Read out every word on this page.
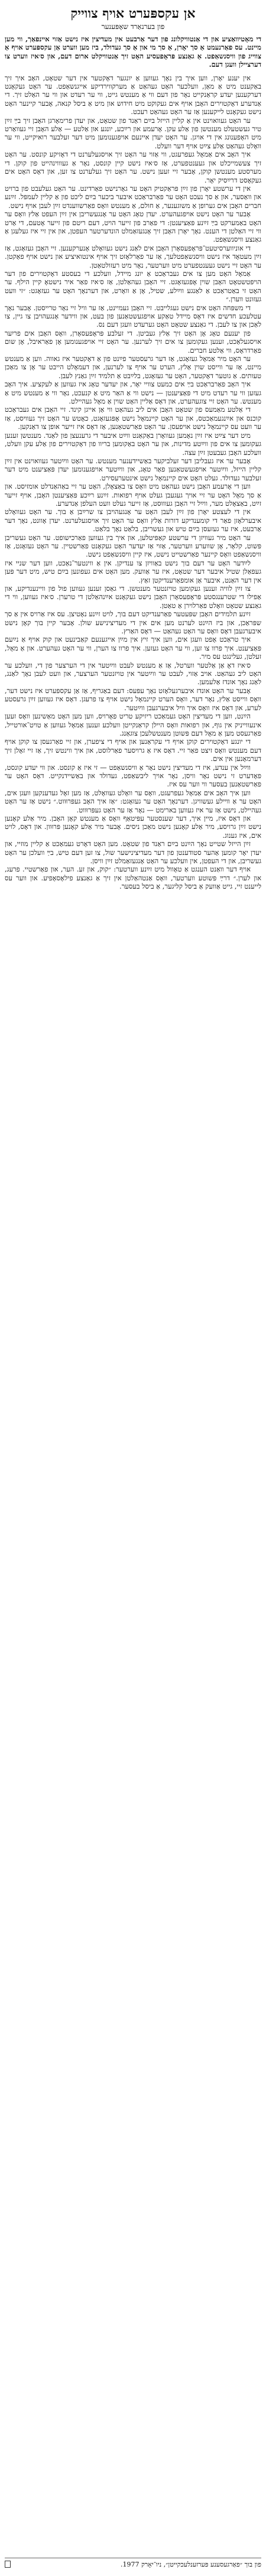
אן עקספּערט אויף צווייק
פון בערנאַרד שאָפּענער
די מאָטיוואַציע און די אַנטוויקלונג פון דער אַרבעט אין מעדיצין איז נישט אַזוי איינפאַך, ווי מען מיינט. עס פאַרנעמט אַ סך יאָרן, אַ סך מי און אַ סך געדולד, ביז מען ווערט אַן עקספּערט אויף אַ צווייג פון וויסנשאַפט. אַ גאַנצע פּראָפעסיע האָט זיך אַנטוויקלט ארום דעם, און ס׳איז ווערט צו דערציילן וועגן דעם.

אין יענע יאָרן, ווען איך בין נאָך געווען אַ יונגער דאָקטער אין דער שטאָט, האָב איך זיך באַקענט מיט אַ מאַן, וועלכער האָט געהאַט אַ מערקווירדיקע אייגנשאַפט. ער האָט געקאָנט דערקענען יעדע קראַנקייט נאָר פון דעם ווי אַ מענטש גייט, ווי ער רעדט און ווי ער האַלט זיך. די אַנדערע דאָקטוירים האָבן אויף אים געקוקט מיט חידוש און מיט אַ ביסל קנאה, אָבער קיינער האָט נישט געקאָנט לייקענען אַז ער האָט געהאַט רעכט.

ער האָט געוואוינט אין אַ קליין הייזל בײַם ראַנד פון שטאָט, און יעדן פרימאָרגן האָבן זיך בײַ זײַן טיר געשטעלט מענטשן פון אַלע עקן. אָרעמע און רײַכע, יונגע און אַלטע — אַלע האָבן זיי געוואַרט מיט האָפענונג אין די אויגן. ער האָט יעדן איינעם אויפגענומען מיט דער זעלבער רואיקייט, ווי ער וואָלט געהאַט אַלע צײַט אויף דער וועלט.

איך האָב אים אַמאָל געפרעגט, ווי אַזוי ער האָט זיך אויסגעלערנט די דאָזיקע קונסט. ער האָט זיך צעשמייכלט און געענטפערט, אַז ס׳איז נישט קיין קונסט, נאָר אַ געוווינהייט פון קוקן. די מערסטע מענטשן קוקן, אָבער זיי זעען נישט. ער האָט זיך געלערנט צו זען, און דאָס האָט אים געקאָסט דרײַסיק יאָר.

אין די ערשטע יאָרן פון זײַן פּראַקטיק האָט ער גאָרנישט פאַרדינט. ער האָט געלעבט פון ברויט און וואַסער, און אַ סך נעכט האָט ער פאַרבראַכט איבער ביכער בײַם ליכט פון אַ קליין לעמפּל. זײַנע חברים האָבן אים גערופן אַ משוגענער, אַ חולם, אַ מענטש וואָס פאַרשווענדט זײַן לעבן אויף נישט.

אָבער ער האָט נישט אויפגעהערט. יעדן טאָג האָט ער אָנגעשריבן אין זײַן העפט אַלץ וואָס ער האָט באַמערקט בײַ זײַנע פּאַציענטן: די פאַרב פון זייער הויט, דעם ריטם פון זייער אָטעם, די אַרט ווי זיי האַלטן די הענט. נאָך יאָרן האָבן זיך אָנגעזאַמלט הונדערטער העפטן, און אין זיי איז געלעגן אַ גאַנצע וויסנשאַפט.

די אוניווערסיטעט־פּראָפעסאָרן האָבן אים לאַנג נישט געוואָלט אָנערקענען. זיי האָבן געזאָגט, אַז זײַן מעטאָד איז נישט וויסנשאַפטלעך, אַז ער פאַרלאָזט זיך אויף אינטואיציע און נישט אויף פאַקטן. ער האָט זיי נישט געענטפערט מיט ווערטער, נאָר מיט רעזולטאַטן.

אַמאָל האָט מען צו אים געבראַכט אַ יונג מיידל, וועלכע די בעסטע דאָקטוירים פון דער הויפּטשטאָט האָבן שוין אָפּגעזאָגט. זיי האָבן געהאַלטן, אַז ס׳איז פאַר איר נישטאָ קיין הילף. ער האָט זי באַטראַכט אַ לאַנגע ווײַלע, שטיל, אָן אַ וואָרט, און דערנאָך האָט ער געזאָגט: ״זי וועט געזונט ווערן.״

די משפּחה האָט אים נישט געגלייבט. זיי האָבן געמיינט, אַז ער וויל זיי נאָר טרייסטן. אָבער נאָך עטלעכע חדשים איז דאָס מיידל טאַקע אויפגעשטאַנען פון בעט, און ווידער אָנגעהויבן צו גיין, צו לאַכן און צו לעבן. די גאַנצע שטאָט האָט גערעדט וועגן דעם נס.

פון יענעם טאָג אָן האָט זיך אַלץ געביטן. די זעלבע פּראָפעסאָרן, וואָס האָבן אים פריִער אויסגעלאַכט, זענען געקומען צו אים זיך לערנען. ער האָט זיי אויפגענומען אָן פאַראיבל, אָן שום פאַרדראָס, ווי אַלטע חברים.

ער האָט מיר אַמאָל געזאָגט, אַז דער גרעסטער פײַנט פון אַ דאָקטער איז גאווה. ווען אַ מענטש מיינט, אַז ער ווייסט שוין אַלץ, הערט ער אויף צו לערנען, און דעמאָלט הייבט ער אָן צו מאַכן טעותים. אַ גוטער דאָקטער, האָט ער געזאָגט, בלײַבט אַ תלמיד זײַן גאַנץ לעבן.

איך האָב פאַרבראַכט בײַ אים כמעט צוויי יאָר, און יעדער טאָג איז געווען אַ לעקציע. איך האָב געזען ווי ער רעדט מיט די פּאַציענטן — נישט ווי אַ האַר מיט אַ קנעכט, נאָר ווי אַ מענטש מיט אַ מענטש. ער האָט זיי צוגעהערט, און דאָס אַליין האָט שוין אַ מאָל געהיילט.

די אַלטע מאַמעס פון שטאָט האָבן אים ליב געהאַט ווי אַן אייגן קינד. זיי האָבן אים געבראַכט קוכנס און אײַנגעמאַכטס, און ער האָט קיינמאָל נישט אָפּגעזאָגט, כאָטש ער האָט זיך געוויסט, אַז ער וועט עס קיינמאָל נישט אויפעסן. ער האָט פאַרשטאַנען, אַז דאָס איז זייער אופן צו דאַנקען.

מיט דער צײַט איז זײַן נאָמען געוואָרן באַקאַנט ווײַט איבער די גרענעצן פון לאַנד. מענטשן זענען געקומען צו אים פון ווײַטע מדינות, און ער האָט באַקומען בריוו פון דאָקטוירים פון אַלע עקן וועלט, וועלכע האָבן געבעטן זײַן עצה.

אָבער ער איז געבליבן דער זעלביקער באַשיידענער מענטש. ער האָט ווײַטער געוואוינט אין זײַן קליין הייזל, ווײַטער אויפגעשטאַנען פאַר טאָג, און ווײַטער אויפגענומען יעדן פּאַציענט מיט דער זעלבער געדולד. געלט האָט אים קיינמאָל נישט אינטערעסירט.

ווען די אָרעמע האָבן נישט געהאַט מיט וואָס צו באַצאָלן, האָט ער זיי באַהאַנדלט אומזיסט. און אַ סך מאָל האָט ער זיי אויך געגעבן געלט אויף רפואות. זײַנע רײַכע פּאַציענטן האָבן, אויף זייער זײַט, באַצאָלט מער, ווײַל זיי האָבן געוווּסט, אַז זייער געלט וועט העלפן אַנדערע.

אין די לעצטע יאָרן פון זײַן לעבן האָט ער אָנגעהויבן צו שרײַבן אַ בוך. ער האָט געוואָלט איבערלאָזן פאַר די קומענדיקע דורות אַלץ וואָס ער האָט זיך אויסגעלערנט. יעדן אָוונט, נאָך דער אַרבעט, איז ער געזעסן בײַם טיש און געשריבן, בלאַט נאָך בלאַט.

ער האָט מיר געוויזן די ערשטע קאַפּיטלען, און איך בין געווען פאַרכישופט. ער האָט געשריבן פּשוט, קלאָר, אָן שווערע ווערטער, אַזוי אַז יעדער האָט געקאָנט פאַרשטיין. ער האָט געזאָגט, אַז וויסנשאַפט וואָס קיינער פאַרשטייט נישט, איז קיין וויסנשאַפט נישט.

לײַדער האָט ער דעם בוך נישט באַוויזן צו ענדיקן. אין אַ ווינטער־נאַכט, ווען דער שניי איז געפאַלן שטיל איבער דער שטאָט, איז ער אַוועק. מען האָט אים געפונען בײַם טיש, מיט דער פּען אין דער האַנט, איבער אַן אומפאַרענדיקטן זאַץ.

צו זײַן לוויה זענען געקומען טויזנטער מענטשן. די גאַסן זענען געווען פול פון וויינענדיקע, און אַפילו די שטרענגסטע פּראָפעסאָרן האָבן נישט געקאָנט אײַנהאַלטן די טרערן. ס׳איז געווען, ווי די גאַנצע שטאָט וואָלט פאַרלוירן אַ טאַטן.

זײַנע תלמידים האָבן שפּעטער פאַרענדיקט דעם בוך, לויט זײַנע נאָטיצן. עס איז אַרויס אין אַ סך שפּראַכן, און ביז הײַנט לערנט מען אים אין די מעדיצינישע שולן. אָבער קיין בוך קאָן נישט איבערגעבן דאָס וואָס ער האָט געהאַט — דאָס האַרץ.

איך טראַכט אָפט וועגן אים, ווען איך זיץ אין מײַן אייגענעם קאַבינעט און קוק אויף אַ נײַעם פּאַציענט. איך פרוו צו זען, ווי ער האָט געזען. איך פרוו צו הערן, ווי ער האָט געהערט. און אַ מאָל, זעלטן, געלינגט עס מיר.

ס׳איז דאָ אַן אַלטער ווערטל, אַז אַ מענטש לעבט ווײַטער אין די הערצער פון די, וועלכע ער האָט ליב געהאַט. אויב אַזוי, לעבט ער ווײַטער אין טויזנטער הערצער, און וועט לעבן נאָך לאַנג, לאַנג נאָך אונדז אַלעמען.

אָבער ער האָט אונדז איבערגעלאָזט נאָך עפּעס: דעם באַגריף, אַז אַן עקספּערט איז נישט דער, וואָס ווייסט אַלץ, נאָר דער, וואָס הערט קיינמאָל נישט אויף צו פרעגן. דאָס איז געווען זײַן גרעסטע לערע, און דאָס איז וואָס איך וויל איבערגעבן ווײַטער.

הײַנט, ווען די מעדיצין האָט געמאַכט ריזיקע טריט פאָרויס, ווען מען האָט מאַשינען וואָס זעען אינעווייניק אין גוף, און רפואות וואָס היילן קראַנקייטן וועלכע זענען אַמאָל געווען אַ טויט־אורטייל, פאַרגעסט מען אַ מאָל דעם פּשוטן מענטשלעכן צוגאַנג.

די יונגע דאָקטוירים קוקן אויף די עקראַנען און אויף די ציפערן, און זיי פאַרגעסן צו קוקן אויף דעם מענטש וואָס זיצט פאַר זיי. דאָס איז אַ גרויסער פאַרלוסט, און איך ווינטש זיך, אַז זיי זאָלן זיך דערמאָנען אין אים.

ווײַל אין ענדע, איז די מעדיצין נישט נאָר אַ וויסנשאַפט — זי איז אַ קונסט. און ווי יעדע קונסט, פאָדערט זי נישט נאָר וויסן, נאָר אויך ליבשאַפט, געדולד און באַשיידנקייט. דאָס האָט ער פאַרשטאַנען בעסער ווי ווער עס איז.

ווען איך האָב אים אַמאָל געפרעגט, וואָס ער וואָלט געוואָלט, אַז מען זאָל געדענקען וועגן אים, האָט ער אַ וויילע געשוויגן. דערנאָך האָט ער געזאָגט: ״אַז איך האָב געפּרוּווט.״ נישט אַז ער האָט געהיילט, נישט אַז ער איז געווען בארימט — נאָר אַז ער האָט געפּרוּווט.

און דאָס איז, מיין איך, דער שענסטער עפּיטאַף וואָס אַ מענטש קאָן האָבן. מיר אַלע קאָנען נישט זײַן גרויסע, מיר אַלע קאָנען נישט מאַכן ניסים. אָבער מיר אַלע קאָנען פּרוּוון. און דאָס, לויט אים, איז גענוג.

זײַן הייזל שטייט נאָך הײַנט בײַם ראַנד פון שטאָט. מען האָט דאָרט געמאַכט אַ קליין מוזיי, און יעדן יאָר קומען אַהער סטודענטן פון דער מעדיצינישער שול, צו זען דעם טיש, בײַ וועלכן ער האָט געשריבן, און די העפטן, אין וועלכע ער האָט אָנגעזאַמלט זײַן וויסן.

אויף דער וואַנט הענגט אַ טאָוול מיט זײַנע ווערטער: ״קוק, און זע. הער, און פאַרשטיי. פרעג, און לערן.״ דרײַ פּשוטע ווערטער, וואָס אַנטהאַלטן אין זיך אַ גאַנצע פילאָסאָפיע. און ווער עס לייענט זיי, גייט אַוועק אַ ביסל קליגער, אַ ביסל בעסער.

פון בוך ״פאַרגעסענע פּערזענלעכקייטן״, ניו־יאָרק 1977.
